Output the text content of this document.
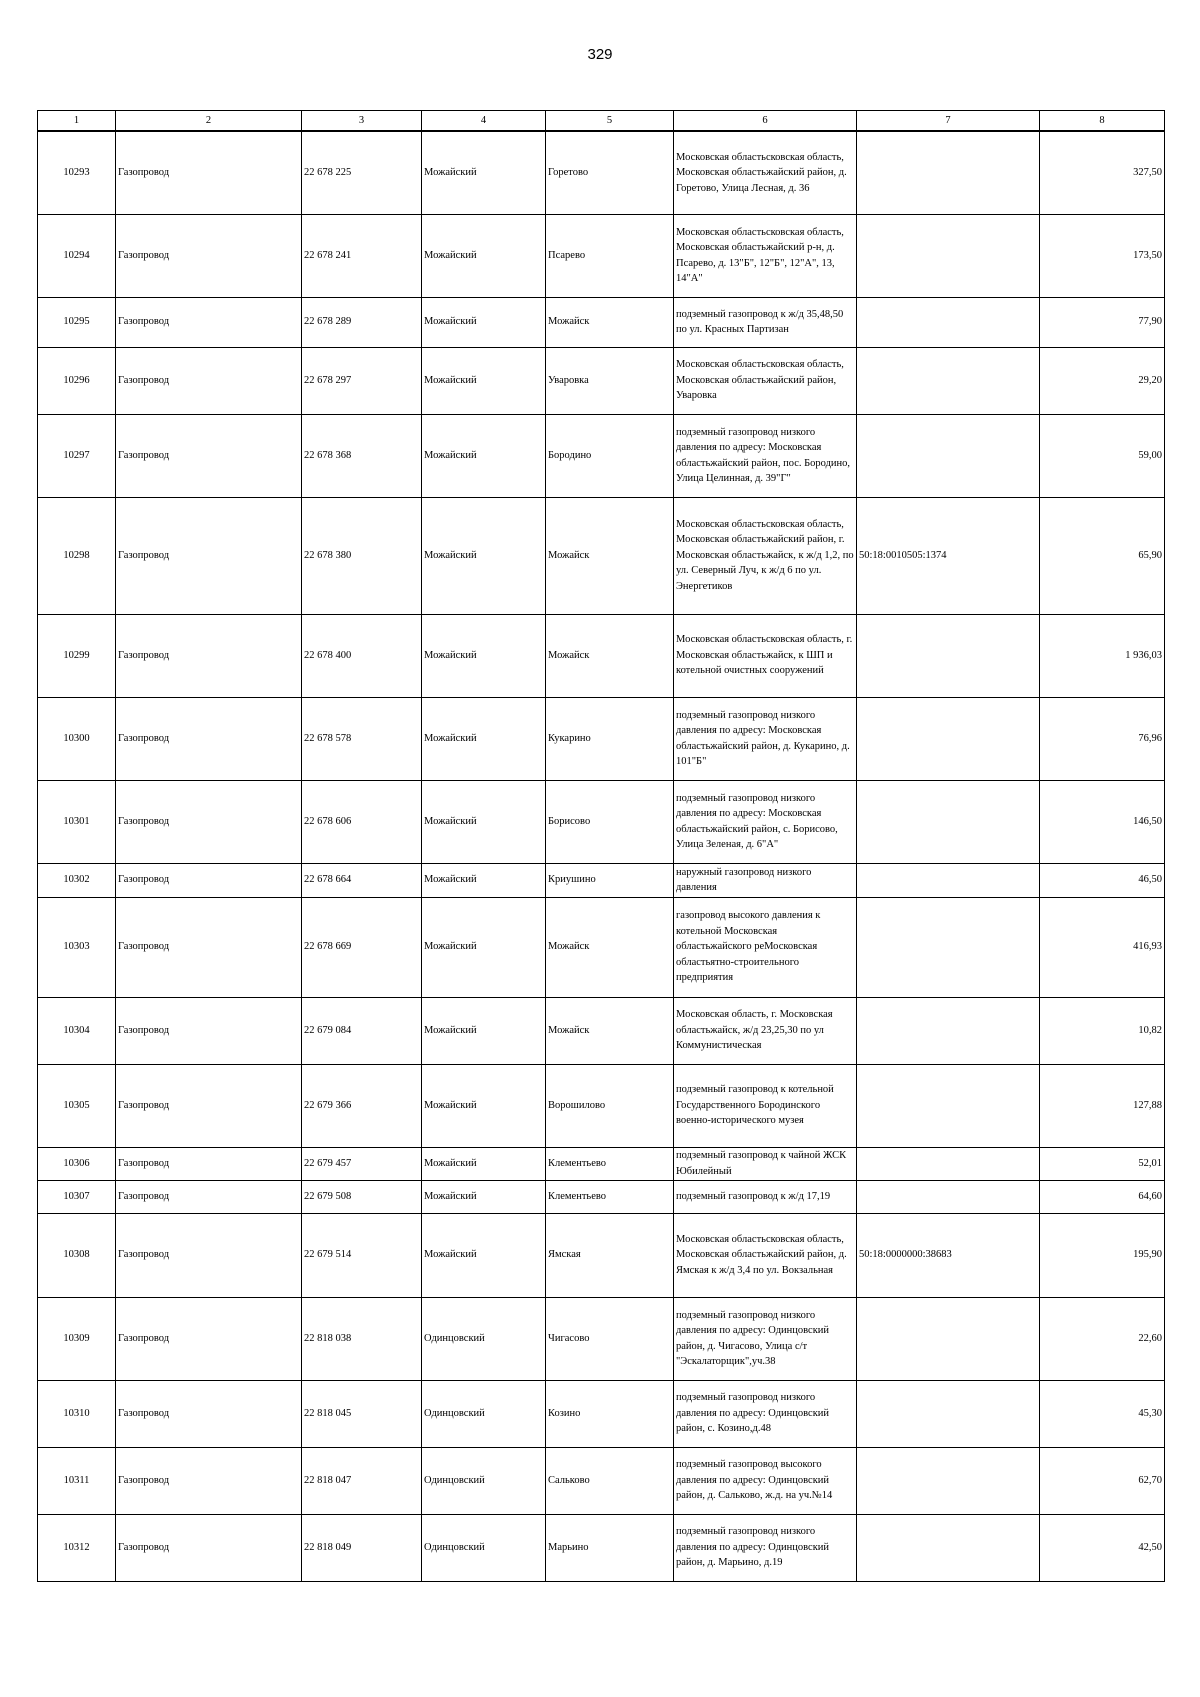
329
1	2	3	4	5	6	7	8
10293	Газопровод	22 678 225	Можайский	Горетово	Московская областьсковская область, Московская областьжайский район, д. Горетово, Улица Лесная, д. 36		327,50
10294	Газопровод	22 678 241	Можайский	Псарево	Московская областьсковская область, Московская областьжайский р-н, д. Псарево, д. 13"Б", 12"Б", 12"А", 13, 14"А"		173,50
10295	Газопровод	22 678 289	Можайский	Можайск	подземный газопровод к ж/д 35,48,50 по ул. Красных Партизан		77,90
10296	Газопровод	22 678 297	Можайский	Уваровка	Московская областьсковская область, Московская областьжайский район, Уваровка		29,20
10297	Газопровод	22 678 368	Можайский	Бородино	подземный газопровод низкого давления по адресу: Московская областьжайский район, пос. Бородино, Улица Целинная, д. 39"Г"		59,00
10298	Газопровод	22 678 380	Можайский	Можайск	Московская областьсковская область, Московская областьжайский район, г. Московская областьжайск, к ж/д 1,2, по ул. Северный Луч, к ж/д 6 по ул. Энергетиков	50:18:0010505:1374	65,90
10299	Газопровод	22 678 400	Можайский	Можайск	Московская областьсковская область, г. Московская областьжайск, к ШП и котельной очистных сооружений		1 936,03
10300	Газопровод	22 678 578	Можайский	Кукарино	подземный газопровод низкого давления по адресу: Московская областьжайский район, д. Кукарино, д. 101"Б"		76,96
10301	Газопровод	22 678 606	Можайский	Борисово	подземный газопровод низкого давления по адресу: Московская областьжайский район, с. Борисово, Улица Зеленая, д. 6"А"		146,50
10302	Газопровод	22 678 664	Можайский	Криушино	наружный газопровод низкого давления		46,50
10303	Газопровод	22 678 669	Можайский	Можайск	газопровод высокого давления к котельной Московская областьжайского реМосковская областьятно-строительного предприятия		416,93
10304	Газопровод	22 679 084	Можайский	Можайск	Московская область, г. Московская областьжайск, ж/д 23,25,30 по ул Коммунистическая		10,82
10305	Газопровод	22 679 366	Можайский	Ворошилово	подземный газопровод к котельной Государственного Бородинского военно-исторического музея		127,88
10306	Газопровод	22 679 457	Можайский	Клементьево	подземный газопровод к чайной ЖСК Юбилейный		52,01
10307	Газопровод	22 679 508	Можайский	Клементьево	подземный газопровод к ж/д 17,19		64,60
10308	Газопровод	22 679 514	Можайский	Ямская	Московская областьсковская область, Московская областьжайский район, д. Ямская к ж/д 3,4 по ул. Вокзальная	50:18:0000000:38683	195,90
10309	Газопровод	22 818 038	Одинцовский	Чигасово	подземный газопровод низкого давления по адресу: Одинцовский район, д. Чигасово, Улица с/т "Эскалаторщик",уч.38		22,60
10310	Газопровод	22 818 045	Одинцовский	Козино	подземный газопровод низкого давления по адресу: Одинцовский район, с. Козино,д.48		45,30
10311	Газопровод	22 818 047	Одинцовский	Сальково	подземный газопровод высокого давления по адресу: Одинцовский район, д. Сальково, ж.д. на уч.№14		62,70
10312	Газопровод	22 818 049	Одинцовский	Марьино	подземный газопровод низкого давления по адресу: Одинцовский район, д. Марьино, д.19		42,50
